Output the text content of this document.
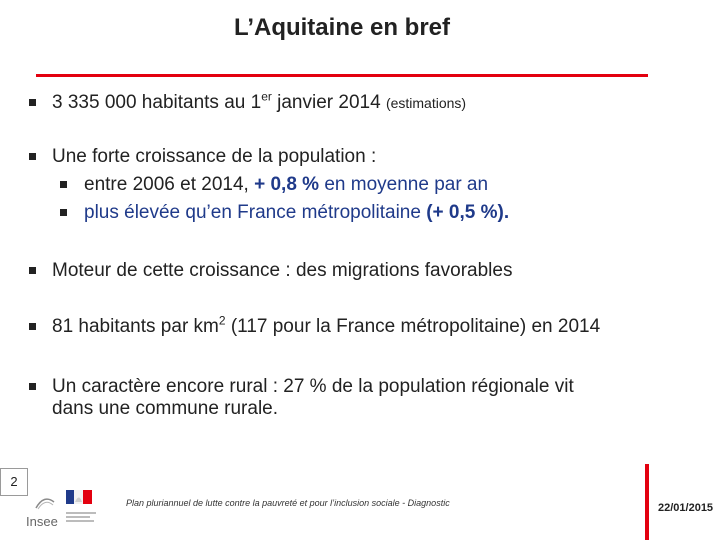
L’Aquitaine en bref
3 335 000 habitants au 1er janvier 2014 (estimations)
Une forte croissance de la population :
entre 2006 et 2014, + 0,8 % en moyenne par an
plus élevée qu’en France métropolitaine (+ 0,5 %).
Moteur de cette croissance : des migrations favorables
81 habitants par $km^2$ (117 pour la France métropolitaine) en 2014
Un caractère encore rural : 27 % de la population régionale vit
dans une commune rurale.
2
Insee
Plan pluriannuel de lutte contre la pauvreté et pour l’inclusion sociale - Diagnostic	22/01/2015
